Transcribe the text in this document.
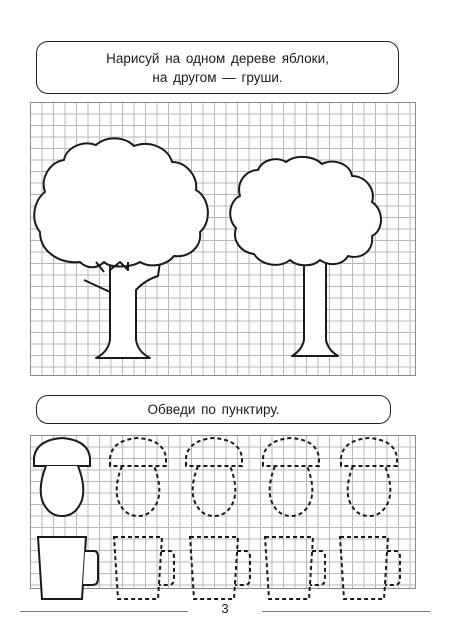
Нарисуй на одном дереве яблоки,
на другом — груши.
Обведи по пунктиру.
3
